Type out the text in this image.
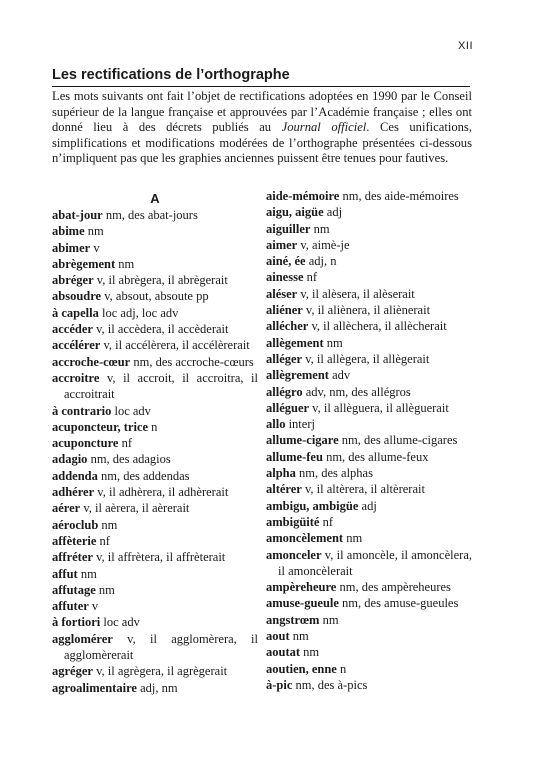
XII
Les rectifications de l’orthographe
Les mots suivants ont fait l’objet de rectifications adoptées en 1990 par le Conseil supérieur de la langue française et approuvées par l’Académie française ; elles ont donné lieu à des décrets publiés au Journal officiel. Ces unifications, simplifications et modifications modérées de l’orthographe présentées ci-dessous n’impliquent pas que les graphies anciennes puissent être tenues pour fautives.
A
abat-jour nm, des abat-jours
abime nm
abimer v
abrègement nm
abréger v, il abrègera, il abrègerait
absoudre v, absout, absoute pp
à capella loc adj, loc adv
accéder v, il accèdera, il accèderait
accélérer v, il accélèrera, il accélèrerait
accroche-cœur nm, des accroche-cœurs
accroitre v, il accroit, il accroitra, il accroitrait
à contrario loc adv
acuponcteur, trice n
acuponcture nf
adagio nm, des adagios
addenda nm, des addendas
adhérer v, il adhèrera, il adhèrerait
aérer v, il aèrera, il aèrerait
aéroclub nm
affèterie nf
affréter v, il affrètera, il affrèterait
affut nm
affutage nm
affuter v
à fortiori loc adv
agglomérer v, il agglomèrera, il agglomèrerait
agréger v, il agrègera, il agrègerait
agroalimentaire adj, nm
aide-mémoire nm, des aide-mémoires
aigu, aigüe adj
aiguiller nm
aimer v, aimè-je
ainé, ée adj, n
ainesse nf
aléser v, il alèsera, il alèserait
aliéner v, il aliènera, il aliènerait
allécher v, il allèchera, il allècherait
allègement nm
alléger v, il allègera, il allègerait
allègrement adv
allégro adv, nm, des allégros
alléguer v, il allèguera, il allèguerait
allo interj
allume-cigare nm, des allume-cigares
allume-feu nm, des allume-feux
alpha nm, des alphas
altérer v, il altèrera, il altèrerait
ambigu, ambigüe adj
ambigüité nf
amoncèlement nm
amonceler v, il amoncèle, il amoncèlera, il amoncèlerait
ampèreheure nm, des ampèreheures
amuse-gueule nm, des amuse-gueules
angstrœm nm
aout nm
aoutat nm
aoutien, enne n
à-pic nm, des à-pics
